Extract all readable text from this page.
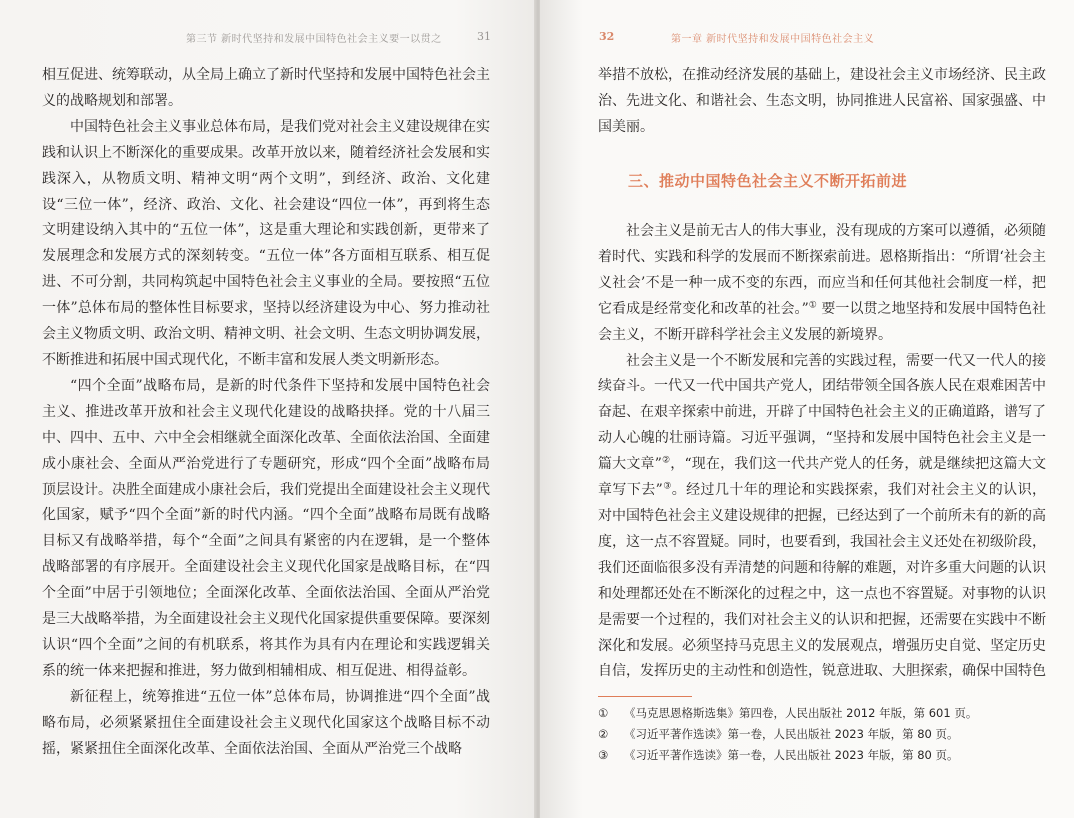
第三节 新时代坚持和发展中国特色社会主义要一以贯之	31

相互促进、统筹联动，从全局上确立了新时代坚持和发展中国特色社会主义的战略规划和部署。

中国特色社会主义事业总体布局，是我们党对社会主义建设规律在实践和认识上不断深化的重要成果。改革开放以来，随着经济社会发展和实践深入，从物质文明、精神文明“两个文明”，到经济、政治、文化建设“三位一体”，经济、政治、文化、社会建设“四位一体”，再到将生态文明建设纳入其中的“五位一体”，这是重大理论和实践创新，更带来了发展理念和发展方式的深刻转变。“五位一体”各方面相互联系、相互促进、不可分割，共同构筑起中国特色社会主义事业的全局。要按照“五位一体”总体布局的整体性目标要求，坚持以经济建设为中心、努力推动社会主义物质文明、政治文明、精神文明、社会文明、生态文明协调发展，不断推进和拓展中国式现代化，不断丰富和发展人类文明新形态。

“四个全面”战略布局，是新的时代条件下坚持和发展中国特色社会主义、推进改革开放和社会主义现代化建设的战略抉择。党的十八届三中、四中、五中、六中全会相继就全面深化改革、全面依法治国、全面建成小康社会、全面从严治党进行了专题研究，形成“四个全面”战略布局顶层设计。决胜全面建成小康社会后，我们党提出全面建设社会主义现代化国家，赋予“四个全面”新的时代内涵。“四个全面”战略布局既有战略目标又有战略举措，每个“全面”之间具有紧密的内在逻辑，是一个整体战略部署的有序展开。全面建设社会主义现代化国家是战略目标，在“四个全面”中居于引领地位；全面深化改革、全面依法治国、全面从严治党是三大战略举措，为全面建设社会主义现代化国家提供重要保障。要深刻认识“四个全面”之间的有机联系，将其作为具有内在理论和实践逻辑关系的统一体来把握和推进，努力做到相辅相成、相互促进、相得益彰。

新征程上，统筹推进“五位一体”总体布局，协调推进“四个全面”战略布局，必须紧紧扭住全面建设社会主义现代化国家这个战略目标不动摇，紧紧扭住全面深化改革、全面依法治国、全面从严治党三个战略

32	第一章 新时代坚持和发展中国特色社会主义

举措不放松，在推动经济发展的基础上，建设社会主义市场经济、民主政治、先进文化、和谐社会、生态文明，协同推进人民富裕、国家强盛、中国美丽。

三、推动中国特色社会主义不断开拓前进

社会主义是前无古人的伟大事业，没有现成的方案可以遵循，必须随着时代、实践和科学的发展而不断探索前进。恩格斯指出：“所谓‘社会主义社会’不是一种一成不变的东西，而应当和任何其他社会制度一样，把它看成是经常变化和改革的社会。”① 要一以贯之地坚持和发展中国特色社会主义，不断开辟科学社会主义发展的新境界。

社会主义是一个不断发展和完善的实践过程，需要一代又一代人的接续奋斗。一代又一代中国共产党人，团结带领全国各族人民在艰难困苦中奋起、在艰辛探索中前进，开辟了中国特色社会主义的正确道路，谱写了动人心魄的壮丽诗篇。习近平强调，“坚持和发展中国特色社会主义是一篇大文章”②，“现在，我们这一代共产党人的任务，就是继续把这篇大文章写下去”③。经过几十年的理论和实践探索，我们对社会主义的认识，对中国特色社会主义建设规律的把握，已经达到了一个前所未有的新的高度，这一点不容置疑。同时，也要看到，我国社会主义还处在初级阶段，我们还面临很多没有弄清楚的问题和待解的难题，对许多重大问题的认识和处理都还处在不断深化的过程之中，这一点也不容置疑。对事物的认识是需要一个过程的，我们对社会主义的认识和把握，还需要在实践中不断深化和发展。必须坚持马克思主义的发展观点，增强历史自觉、坚定历史自信，发挥历史的主动性和创造性，锐意进取、大胆探索，确保中国特色

①	《马克思恩格斯选集》第四卷，人民出版社 2012 年版，第 601 页。
②	《习近平著作选读》第一卷，人民出版社 2023 年版，第 80 页。
③	《习近平著作选读》第一卷，人民出版社 2023 年版，第 80 页。
